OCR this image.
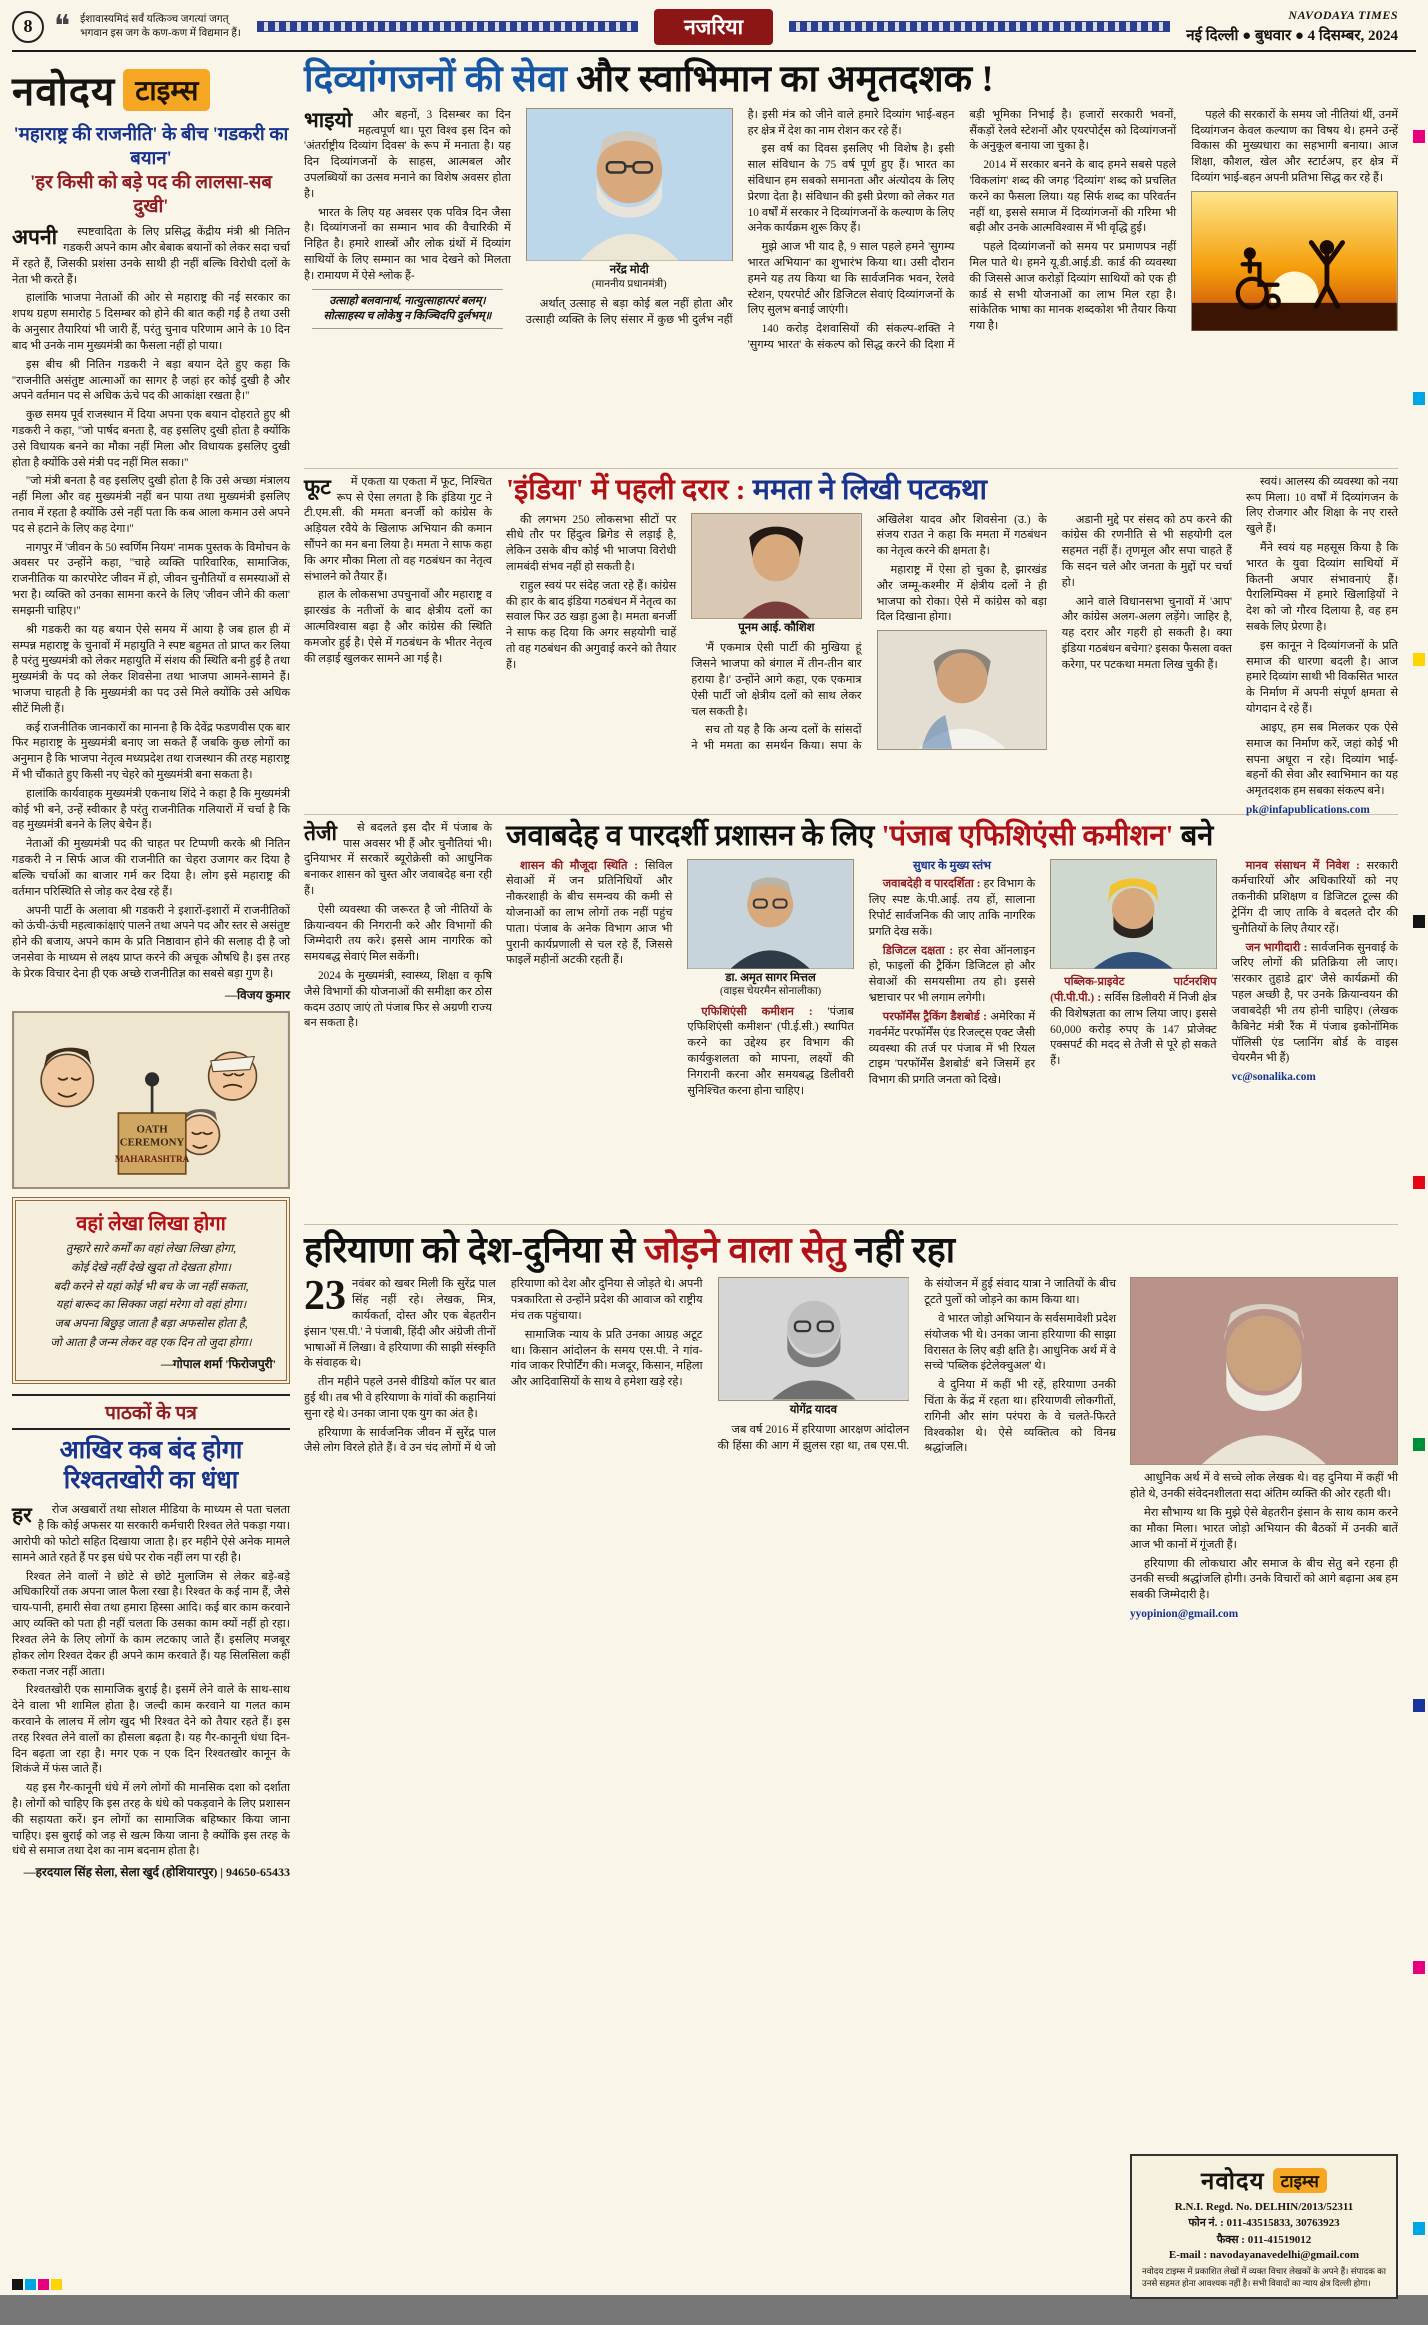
8 ❝ ईशावास्यमिदं सर्वं यत्किञ्च जगत्यां जगत्
भगवान इस जग के कण-कण में विद्यमान हैं।	नजरिया	NAVODAYA TIMES
नई दिल्ली ● बुधवार ● 4 दिसम्बर, 2024
नवोदय टाइम्स
'महाराष्ट्र की राजनीति' के बीच 'गडकरी का बयान'
'हर किसी को बड़े पद की लालसा-सब दुखी'
अपनी	स्पष्टवादिता के लिए प्रसिद्ध केंद्रीय मंत्री श्री नितिन गडकरी अपने काम और बेबाक बयानों को लेकर सदा चर्चा में रहते हैं, जिसकी प्रशंसा उनके साथी ही नहीं बल्कि विरोधी दलों के नेता भी करते हैं।

हालांकि भाजपा नेताओं की ओर से महाराष्ट्र की नई सरकार का शपथ ग्रहण समारोह 5 दिसम्बर को होने की बात कही गई है तथा उसी के अनुसार तैयारियां भी जारी हैं, परंतु चुनाव परिणाम आने के 10 दिन बाद भी उनके नाम मुख्यमंत्री का फैसला नहीं हो पाया।

इस बीच श्री नितिन गडकरी ने बड़ा बयान देते हुए कहा कि ''राजनीति असंतुष्ट आत्माओं का सागर है जहां हर कोई दुखी है और अपने वर्तमान पद से अधिक ऊंचे पद की आकांक्षा रखता है।''

कुछ समय पूर्व राजस्थान में दिया अपना एक बयान दोहराते हुए श्री गडकरी ने कहा, ''जो पार्षद बनता है, वह इसलिए दुखी होता है क्योंकि उसे विधायक बनने का मौका नहीं मिला और विधायक इसलिए दुखी होता है क्योंकि उसे मंत्री पद नहीं मिल सका।''

''जो मंत्री बनता है वह इसलिए दुखी होता है कि उसे अच्छा मंत्रालय नहीं मिला और वह मुख्यमंत्री नहीं बन पाया तथा मुख्यमंत्री इसलिए तनाव में रहता है क्योंकि उसे नहीं पता कि कब आला कमान उसे अपने पद से हटाने के लिए कह देगा।''

नागपुर में 'जीवन के 50 स्वर्णिम नियम' नामक पुस्तक के विमोचन के अवसर पर उन्होंने कहा, ''चाहे व्यक्ति पारिवारिक, सामाजिक, राजनीतिक या कारपोरेट जीवन में हो, जीवन चुनौतियों व समस्याओं से भरा है। व्यक्ति को उनका सामना करने के लिए 'जीवन जीने की कला' समझनी चाहिए।''

श्री गडकरी का यह बयान ऐसे समय में आया है जब हाल ही में सम्पन्न महाराष्ट्र के चुनावों में महायुति ने स्पष्ट बहुमत तो प्राप्त कर लिया है परंतु मुख्यमंत्री को लेकर महायुति में संशय की स्थिति बनी हुई है तथा मुख्यमंत्री के पद को लेकर शिवसेना तथा भाजपा आमने-सामने हैं। भाजपा चाहती है कि मुख्यमंत्री का पद उसे मिले क्योंकि उसे अधिक सीटें मिली हैं।

कई राजनीतिक जानकारों का मानना है कि देवेंद्र फडणवीस एक बार फिर महाराष्ट्र के मुख्यमंत्री बनाए जा सकते हैं जबकि कुछ लोगों का अनुमान है कि भाजपा नेतृत्व मध्यप्रदेश तथा राजस्थान की तरह महाराष्ट्र में भी चौंकाते हुए किसी नए चेहरे को मुख्यमंत्री बना सकता है।

हालांकि कार्यवाहक मुख्यमंत्री एकनाथ शिंदे ने कहा है कि मुख्यमंत्री कोई भी बने, उन्हें स्वीकार है परंतु राजनीतिक गलियारों में चर्चा है कि वह मुख्यमंत्री बनने के लिए बेचैन हैं।

नेताओं की मुख्यमंत्री पद की चाहत पर टिप्पणी करके श्री नितिन गडकरी ने न सिर्फ आज की राजनीति का चेहरा उजागर कर दिया है बल्कि चर्चाओं का बाजार गर्म कर दिया है। लोग इसे महाराष्ट्र की वर्तमान परिस्थिति से जोड़ कर देख रहे हैं।

अपनी पार्टी के अलावा श्री गडकरी ने इशारों-इशारों में राजनीतिकों को ऊंची-ऊंची महत्वाकांक्षाएं पालने तथा अपने पद और स्तर से असंतुष्ट होने की बजाय, अपने काम के प्रति निष्ठावान होने की सलाह दी है जो जनसेवा के माध्यम से लक्ष्य प्राप्त करने की अचूक औषधि है। इस तरह के प्रेरक विचार देना ही एक अच्छे राजनीतिज्ञ का सबसे बड़ा गुण है।

—विजय कुमार
OATH
CEREMONY
MAHARASHTRA
वहां लेखा लिखा होगा

तुम्हारे सारे कर्मों का वहां लेखा लिखा होगा,

कोई देखे नहीं देखे खुदा तो देखता होगा।

बदी करने से यहां कोई भी बच के जा नहीं सकता,

यहां बारूद का सिक्का जहां मरेगा वो वहां होगा।

जब अपना बिछुड़ जाता है बड़ा अफसोस होता है,

जो आता है जन्म लेकर वह एक दिन तो जुदा होगा।

—गोपाल शर्मा 'फिरोजपुरी'
पाठकों के पत्र
आखिर कब बंद होगा रिश्वतखोरी का धंधा
हर	रोज अखबारों तथा सोशल मीडिया के माध्यम से पता चलता है कि कोई अफसर या सरकारी कर्मचारी रिश्वत लेते पकड़ा गया। आरोपी को फोटो सहित दिखाया जाता है। हर महीने ऐसे अनेक मामले सामने आते रहते हैं पर इस धंधे पर रोक नहीं लग पा रही है।

रिश्वत लेने वालों ने छोटे से छोटे मुलाजिम से लेकर बड़े-बड़े अधिकारियों तक अपना जाल फैला रखा है। रिश्वत के कई नाम हैं, जैसे चाय-पानी, हमारी सेवा तथा हमारा हिस्सा आदि। कई बार काम करवाने आए व्यक्ति को पता ही नहीं चलता कि उसका काम क्यों नहीं हो रहा। रिश्वत लेने के लिए लोगों के काम लटकाए जाते हैं। इसलिए मजबूर होकर लोग रिश्वत देकर ही अपने काम करवाते हैं। यह सिलसिला कहीं रुकता नजर नहीं आता।

रिश्वतखोरी एक सामाजिक बुराई है। इसमें लेने वाले के साथ-साथ देने वाला भी शामिल होता है। जल्दी काम करवाने या गलत काम करवाने के लालच में लोग खुद भी रिश्वत देने को तैयार रहते हैं। इस तरह रिश्वत लेने वालों का हौसला बढ़ता है। यह गैर-कानूनी धंधा दिन-दिन बढ़ता जा रहा है। मगर एक न एक दिन रिश्वतखोर कानून के शिकंजे में फंस जाते हैं।

यह इस गैर-कानूनी धंधे में लगे लोगों की मानसिक दशा को दर्शाता है। लोगों को चाहिए कि इस तरह के धंधे को पकड़वाने के लिए प्रशासन की सहायता करें। इन लोगों का सामाजिक बहिष्कार किया जाना चाहिए। इस बुराई को जड़ से खत्म किया जाना है क्योंकि इस तरह के धंधे से समाज तथा देश का नाम बदनाम होता है।

—हरदयाल सिंह सेला, सेला खुर्द (होशियारपुर) | 94650-65433
दिव्यांगजनों की सेवा और स्वाभिमान का अमृतदशक !
भाइयो	और बहनों, 3 दिसम्बर का दिन महत्वपूर्ण था। पूरा विश्व इस दिन को 'अंतर्राष्ट्रीय दिव्यांग दिवस' के रूप में मनाता है। यह दिन दिव्यांगजनों के साहस, आत्मबल और उपलब्धियों का उत्सव मनाने का विशेष अवसर होता है।

भारत के लिए यह अवसर एक पवित्र दिन जैसा है। दिव्यांगजनों का सम्मान भाव की वैचारिकी में निहित है। हमारे शास्त्रों और लोक ग्रंथों में दिव्यांग साथियों के लिए सम्मान का भाव देखने को मिलता है। रामायण में ऐसे श्लोक हैं-

उत्साहो बलवानार्थ, नात्युत्साहात्परं बलम्।

सोत्साहस्य च लोकेषु न किञ्चिदपि दुर्लभम्॥

नरेंद्र मोदी
(माननीय प्रधानमंत्री)

अर्थात् उत्साह से बड़ा कोई बल नहीं होता और उत्साही व्यक्ति के लिए संसार में कुछ भी दुर्लभ नहीं है। इसी मंत्र को जीने वाले हमारे दिव्यांग भाई-बहन हर क्षेत्र में देश का नाम रोशन कर रहे हैं।

इस वर्ष का दिवस इसलिए भी विशेष है। इसी साल संविधान के 75 वर्ष पूर्ण हुए हैं। भारत का संविधान हम सबको समानता और अंत्योदय के लिए प्रेरणा देता है। संविधान की इसी प्रेरणा को लेकर गत 10 वर्षों में सरकार ने दिव्यांगजनों के कल्याण के लिए अनेक कार्यक्रम शुरू किए हैं।

मुझे आज भी याद है, 9 साल पहले हमने 'सुगम्य भारत अभियान' का शुभारंभ किया था। उसी दौरान हमने यह तय किया था कि सार्वजनिक भवन, रेलवे स्टेशन, एयरपोर्ट और डिजिटल सेवाएं दिव्यांगजनों के लिए सुलभ बनाई जाएंगी।

140 करोड़ देशवासियों की संकल्प-शक्ति ने 'सुगम्य भारत' के संकल्प को सिद्ध करने की दिशा में बड़ी भूमिका निभाई है। हजारों सरकारी भवनों, सैंकड़ों रेलवे स्टेशनों और एयरपोर्ट्स को दिव्यांगजनों के अनुकूल बनाया जा चुका है।

2014 में सरकार बनने के बाद हमने सबसे पहले 'विकलांग' शब्द की जगह 'दिव्यांग' शब्द को प्रचलित करने का फैसला लिया। यह सिर्फ शब्द का परिवर्तन नहीं था, इससे समाज में दिव्यांगजनों की गरिमा भी बढ़ी और उनके आत्मविश्वास में भी वृद्धि हुई।

पहले दिव्यांगजनों को समय पर प्रमाणपत्र नहीं मिल पाते थे। हमने यू.डी.आई.डी. कार्ड की व्यवस्था की जिससे आज करोड़ों दिव्यांग साथियों को एक ही कार्ड से सभी योजनाओं का लाभ मिल रहा है। सांकेतिक भाषा का मानक शब्दकोश भी तैयार किया गया है।

पहले की सरकारों के समय जो नीतियां थीं, उनमें दिव्यांगजन केवल कल्याण का विषय थे। हमने उन्हें विकास की मुख्यधारा का सहभागी बनाया। आज शिक्षा, कौशल, खेल और स्टार्टअप, हर क्षेत्र में दिव्यांग भाई-बहन अपनी प्रतिभा सिद्ध कर रहे हैं।

फूट	में एकता या एकता में फूट, निश्चित रूप से ऐसा लगता है कि इंडिया गुट ने टी.एम.सी. की ममता बनर्जी को कांग्रेस के अड़ियल रवैये के खिलाफ अभियान की कमान सौंपने का मन बना लिया है। ममता ने साफ कहा कि अगर मौका मिला तो वह गठबंधन का नेतृत्व संभालने को तैयार हैं।

हाल के लोकसभा उपचुनावों और महाराष्ट्र व झारखंड के नतीजों के बाद क्षेत्रीय दलों का आत्मविश्वास बढ़ा है और कांग्रेस की स्थिति कमजोर हुई है। ऐसे में गठबंधन के भीतर नेतृत्व की लड़ाई खुलकर सामने आ गई है।

'इंडिया' में पहली दरार : ममता ने लिखी पटकथा

की लगभग 250 लोकसभा सीटों पर सीधे तौर पर हिंदुत्व ब्रिगेड से लड़ाई है, लेकिन उसके बीच कोई भी भाजपा विरोधी लामबंदी संभव नहीं हो सकती है।

राहुल स्वयं पर संदेह जता रहे हैं। कांग्रेस की हार के बाद इंडिया गठबंधन में नेतृत्व का सवाल फिर उठ खड़ा हुआ है। ममता बनर्जी ने साफ कह दिया कि अगर सहयोगी चाहें तो वह गठबंधन की अगुवाई करने को तैयार हैं।

पूनम आई. कौशिश

'मैं एकमात्र ऐसी पार्टी की मुखिया हूं जिसने भाजपा को बंगाल में तीन-तीन बार हराया है।' उन्होंने आगे कहा, एक एकमात्र ऐसी पार्टी जो क्षेत्रीय दलों को साथ लेकर चल सकती है।

सच तो यह है कि अन्य दलों के सांसदों ने भी ममता का समर्थन किया। सपा के अखिलेश यादव और शिवसेना (उ.) के संजय राउत ने कहा कि ममता में गठबंधन का नेतृत्व करने की क्षमता है।

महाराष्ट्र में ऐसा हो चुका है, झारखंड और जम्मू-कश्मीर में क्षेत्रीय दलों ने ही भाजपा को रोका। ऐसे में कांग्रेस को बड़ा दिल दिखाना होगा।

अडानी मुद्दे पर संसद को ठप करने की कांग्रेस की रणनीति से भी सहयोगी दल सहमत नहीं हैं। तृणमूल और सपा चाहते हैं कि सदन चले और जनता के मुद्दों पर चर्चा हो।

आने वाले विधानसभा चुनावों में 'आप' और कांग्रेस अलग-अलग लड़ेंगे। जाहिर है, यह दरार और गहरी हो सकती है। क्या इंडिया गठबंधन बचेगा? इसका फैसला वक्त करेगा, पर पटकथा ममता लिख चुकी हैं।

स्वयं। आलस्य की व्यवस्था को नया रूप मिला। 10 वर्षों में दिव्यांगजन के लिए रोजगार और शिक्षा के नए रास्ते खुले हैं।

मैंने स्वयं यह महसूस किया है कि भारत के युवा दिव्यांग साथियों में कितनी अपार संभावनाएं हैं। पैरालिम्पिक्स में हमारे खिलाड़ियों ने देश को जो गौरव दिलाया है, वह हम सबके लिए प्रेरणा है।

इस कानून ने दिव्यांगजनों के प्रति समाज की धारणा बदली है। आज हमारे दिव्यांग साथी भी विकसित भारत के निर्माण में अपनी संपूर्ण क्षमता से योगदान दे रहे हैं।

आइए, हम सब मिलकर एक ऐसे समाज का निर्माण करें, जहां कोई भी सपना अधूरा न रहे। दिव्यांग भाई-बहनों की सेवा और स्वाभिमान का यह अमृतदशक हम सबका संकल्प बने।

pk@infapublications.com

तेजी	से बदलते इस दौर में पंजाब के पास अवसर भी हैं और चुनौतियां भी। दुनियाभर में सरकारें ब्यूरोक्रेसी को आधुनिक बनाकर शासन को चुस्त और जवाबदेह बना रही हैं।

ऐसी व्यवस्था की जरूरत है जो नीतियों के क्रियान्वयन की निगरानी करे और विभागों की जिम्मेदारी तय करे। इससे आम नागरिक को समयबद्ध सेवाएं मिल सकेंगी।

2024 के मुख्यमंत्री, स्वास्थ्य, शिक्षा व कृषि जैसे विभागों की योजनाओं की समीक्षा कर ठोस कदम उठाए जाएं तो पंजाब फिर से अग्रणी राज्य बन सकता है।

जवाबदेह व पारदर्शी प्रशासन के लिए 'पंजाब एफिशिएंसी कमीशन' बने

शासन की मौजूदा स्थिति : सिविल सेवाओं में जन प्रतिनिधियों और नौकरशाही के बीच समन्वय की कमी से योजनाओं का लाभ लोगों तक नहीं पहुंच पाता। पंजाब के अनेक विभाग आज भी पुरानी कार्यप्रणाली से चल रहे हैं, जिससे फाइलें महीनों अटकी रहती हैं।

डा. अमृत सागर मित्तल
(वाइस चेयरमैन सोनालीका)

एफिशिएंसी कमीशन : 'पंजाब एफिशिएंसी कमीशन' (पी.ई.सी.) स्थापित करने का उद्देश्य हर विभाग की कार्यकुशलता को मापना, लक्ष्यों की निगरानी करना और समयबद्ध डिलीवरी सुनिश्चित करना होना चाहिए।

सुधार के मुख्य स्तंभ

जवाबदेही व पारदर्शिता : हर विभाग के लिए स्पष्ट के.पी.आई. तय हों, सालाना रिपोर्ट सार्वजनिक की जाए ताकि नागरिक प्रगति देख सकें।

डिजिटल दक्षता : हर सेवा ऑनलाइन हो, फाइलों की ट्रैकिंग डिजिटल हो और सेवाओं की समयसीमा तय हो। इससे भ्रष्टाचार पर भी लगाम लगेगी।

परफॉर्मेंस ट्रैकिंग डैशबोर्ड : अमेरिका में गवर्नमेंट परफॉर्मेंस एंड रिजल्ट्स एक्ट जैसी व्यवस्था की तर्ज पर पंजाब में भी रियल टाइम 'परफॉर्मेंस डैशबोर्ड' बने जिसमें हर विभाग की प्रगति जनता को दिखे।

पब्लिक-प्राइवेट पार्टनरशिप (पी.पी.पी.) : सर्विस डिलीवरी में निजी क्षेत्र की विशेषज्ञता का लाभ लिया जाए। इससे 60,000 करोड़ रुपए के 147 प्रोजेक्ट एक्सपर्ट की मदद से तेजी से पूरे हो सकते हैं।

मानव संसाधन में निवेश : सरकारी कर्मचारियों और अधिकारियों को नए तकनीकी प्रशिक्षण व डिजिटल टूल्स की ट्रेनिंग दी जाए ताकि वे बदलते दौर की चुनौतियों के लिए तैयार रहें।

जन भागीदारी : सार्वजनिक सुनवाई के जरिए लोगों की प्रतिक्रिया ली जाए। 'सरकार तुहाडे द्वार' जैसे कार्यक्रमों की पहल अच्छी है, पर उनके क्रियान्वयन की जवाबदेही भी तय होनी चाहिए। (लेखक कैबिनेट मंत्री रैंक में पंजाब इकोनॉमिक पॉलिसी एंड प्लानिंग बोर्ड के वाइस चेयरमैन भी हैं)

vc@sonalika.com

हरियाणा को देश-दुनिया से जोड़ने वाला सेतु नहीं रहा

23 नवंबर को खबर मिली कि सुरेंद्र पाल सिंह नहीं रहे। लेखक, मित्र, कार्यकर्ता, दोस्त और एक बेहतरीन इंसान 'एस.पी.' ने पंजाबी, हिंदी और अंग्रेजी तीनों भाषाओं में लिखा। वे हरियाणा की साझी संस्कृति के संवाहक थे।

तीन महीने पहले उनसे वीडियो कॉल पर बात हुई थी। तब भी वे हरियाणा के गांवों की कहानियां सुना रहे थे। उनका जाना एक युग का अंत है।

हरियाणा के सार्वजनिक जीवन में सुरेंद्र पाल जैसे लोग विरले होते हैं। वे उन चंद लोगों में थे जो हरियाणा को देश और दुनिया से जोड़ते थे। अपनी पत्रकारिता से उन्होंने प्रदेश की आवाज को राष्ट्रीय मंच तक पहुंचाया।

सामाजिक न्याय के प्रति उनका आग्रह अटूट था। किसान आंदोलन के समय एस.पी. ने गांव-गांव जाकर रिपोर्टिंग की। मजदूर, किसान, महिला और आदिवासियों के साथ वे हमेशा खड़े रहे।

योगेंद्र यादव

जब वर्ष 2016 में हरियाणा आरक्षण आंदोलन की हिंसा की आग में झुलस रहा था, तब एस.पी. के संयोजन में हुई संवाद यात्रा ने जातियों के बीच टूटते पुलों को जोड़ने का काम किया था।

वे भारत जोड़ो अभियान के सर्वसमावेशी प्रदेश संयोजक भी थे। उनका जाना हरियाणा की साझा विरासत के लिए बड़ी क्षति है। आधुनिक अर्थ में वे सच्चे 'पब्लिक इंटेलेक्चुअल' थे।

वे दुनिया में कहीं भी रहें, हरियाणा उनकी चिंता के केंद्र में रहता था। हरियाणवी लोकगीतों, रागिनी और सांग परंपरा के वे चलते-फिरते विश्वकोश थे। ऐसे व्यक्तित्व को विनम्र श्रद्धांजलि।

आधुनिक अर्थ में वे सच्चे लोक लेखक थे। वह दुनिया में कहीं भी होते थे, उनकी संवेदनशीलता सदा अंतिम व्यक्ति की ओर रहती थी।

मेरा सौभाग्य था कि मुझे ऐसे बेहतरीन इंसान के साथ काम करने का मौका मिला। भारत जोड़ो अभियान की बैठकों में उनकी बातें आज भी कानों में गूंजती हैं।

हरियाणा की लोकधारा और समाज के बीच सेतु बने रहना ही उनकी सच्ची श्रद्धांजलि होगी। उनके विचारों को आगे बढ़ाना अब हम सबकी जिम्मेदारी है।

yyopinion@gmail.com

नवोदय टाइम्स
R.N.I. Regd. No. DELHIN/2013/52311
फोन नं. : 011-43515833, 30763923
फैक्स : 011-41519012
E-mail : navodayanavedelhi@gmail.com
नवोदय टाइम्स में प्रकाशित लेखों में व्यक्त विचार लेखकों के अपने हैं। संपादक का उनसे सहमत होना आवश्यक नहीं है। सभी विवादों का न्याय क्षेत्र दिल्ली होगा।
